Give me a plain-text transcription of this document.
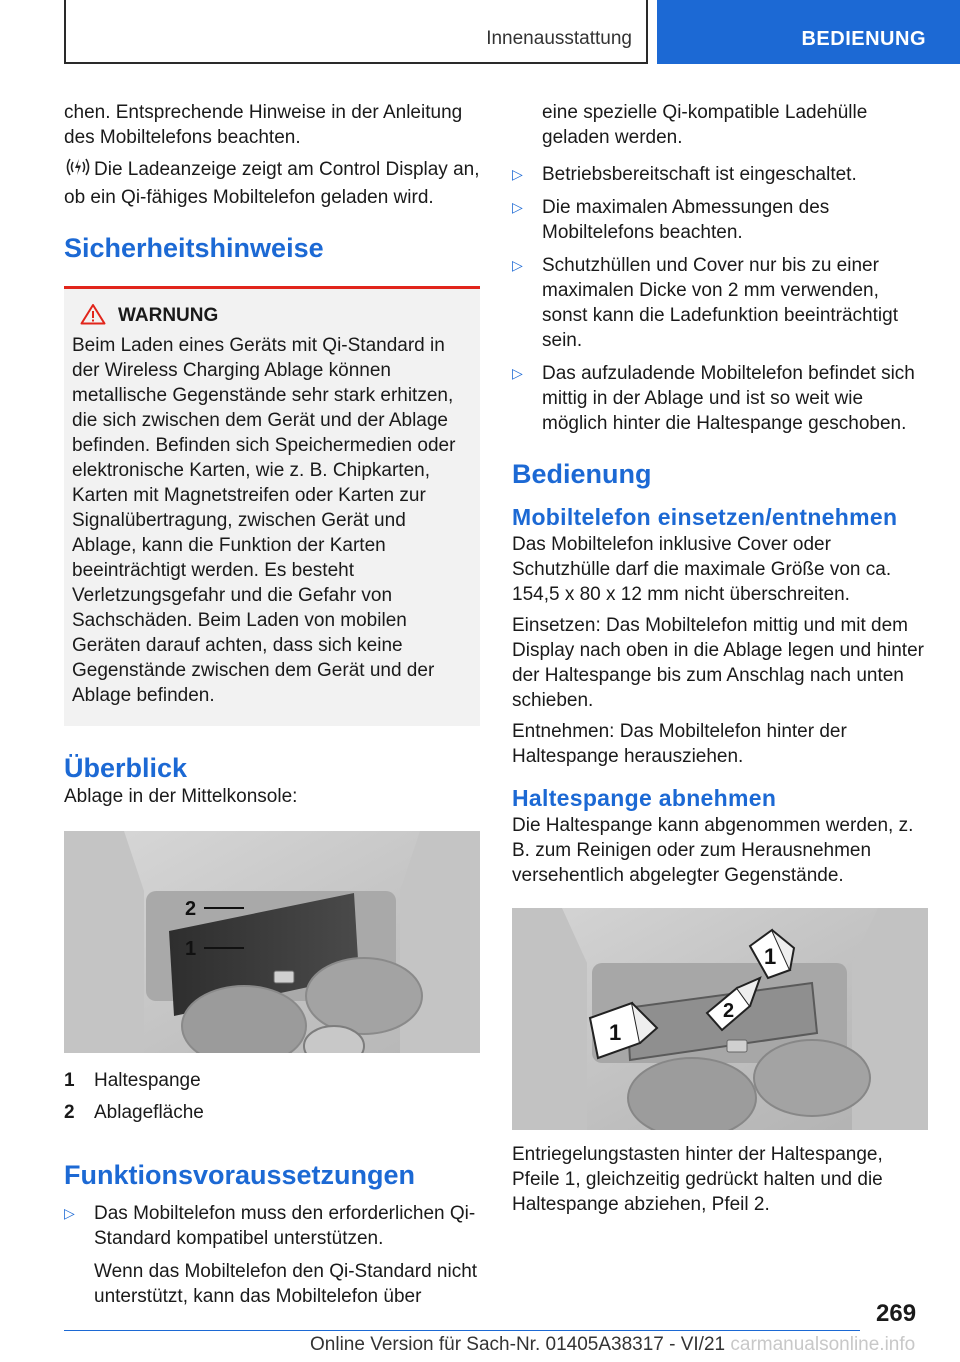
Innenausstattung	BEDIENUNG

chen. Entsprechende Hinweise in der Anleitung des Mobiltelefons beachten.

Die Ladeanzeige zeigt am Control Display an, ob ein Qi-fähiges Mobiltelefon geladen wird.

Sicherheitshinweise
WARNUNG

Beim Laden eines Geräts mit Qi-Standard in der Wireless Charging Ablage können metallische Gegenstände sehr stark erhitzen, die sich zwischen dem Gerät und der Ablage befinden. Befinden sich Speichermedien oder elektronische Karten, wie z. B. Chipkarten, Karten mit Magnetstreifen oder Karten zur Signalübertragung, zwischen Gerät und Ablage, kann die Funktion der Karten beeinträchtigt werden. Es besteht Verletzungsgefahr und die Gefahr von Sachschäden. Beim Laden von mobilen Geräten darauf achten, dass sich keine Gegenstände zwischen dem Gerät und der Ablage befinden.

Überblick

Ablage in der Mittelkonsole:

2
1
1	Haltespange
2	Ablagefläche
Funktionsvoraussetzungen
▷	Das Mobiltelefon muss den erforderlichen Qi-Standard kompatibel unterstützen.

Wenn das Mobiltelefon den Qi-Standard nicht unterstützt, kann das Mobiltelefon über

eine spezielle Qi-kompatible Ladehülle geladen werden.

▷	Betriebsbereitschaft ist eingeschaltet.

▷	Die maximalen Abmessungen des Mobiltelefons beachten.

▷	Schutzhüllen und Cover nur bis zu einer maximalen Dicke von 2 mm verwenden, sonst kann die Ladefunktion beeinträchtigt sein.

▷	Das aufzuladende Mobiltelefon befindet sich mittig in der Ablage und ist so weit wie möglich hinter die Haltespange geschoben.

Bedienung
Mobiltelefon einsetzen/entnehmen

Das Mobiltelefon inklusive Cover oder Schutzhülle darf die maximale Größe von ca. 154,5 x 80 x 12 mm nicht überschreiten.

Einsetzen: Das Mobiltelefon mittig und mit dem Display nach oben in die Ablage legen und hinter der Haltespange bis zum Anschlag nach unten schieben.

Entnehmen: Das Mobiltelefon hinter der Haltespange herausziehen.

Haltespange abnehmen

Die Haltespange kann abgenommen werden, z. B. zum Reinigen oder zum Herausnehmen versehentlich abgelegter Gegenstände.

1
2
1

Entriegelungstasten hinter der Haltespange, Pfeile 1, gleichzeitig gedrückt halten und die Haltespange abziehen, Pfeil 2.

269
Online Version für Sach-Nr. 01405A38317 - VI/21 carmanualsonline.info
